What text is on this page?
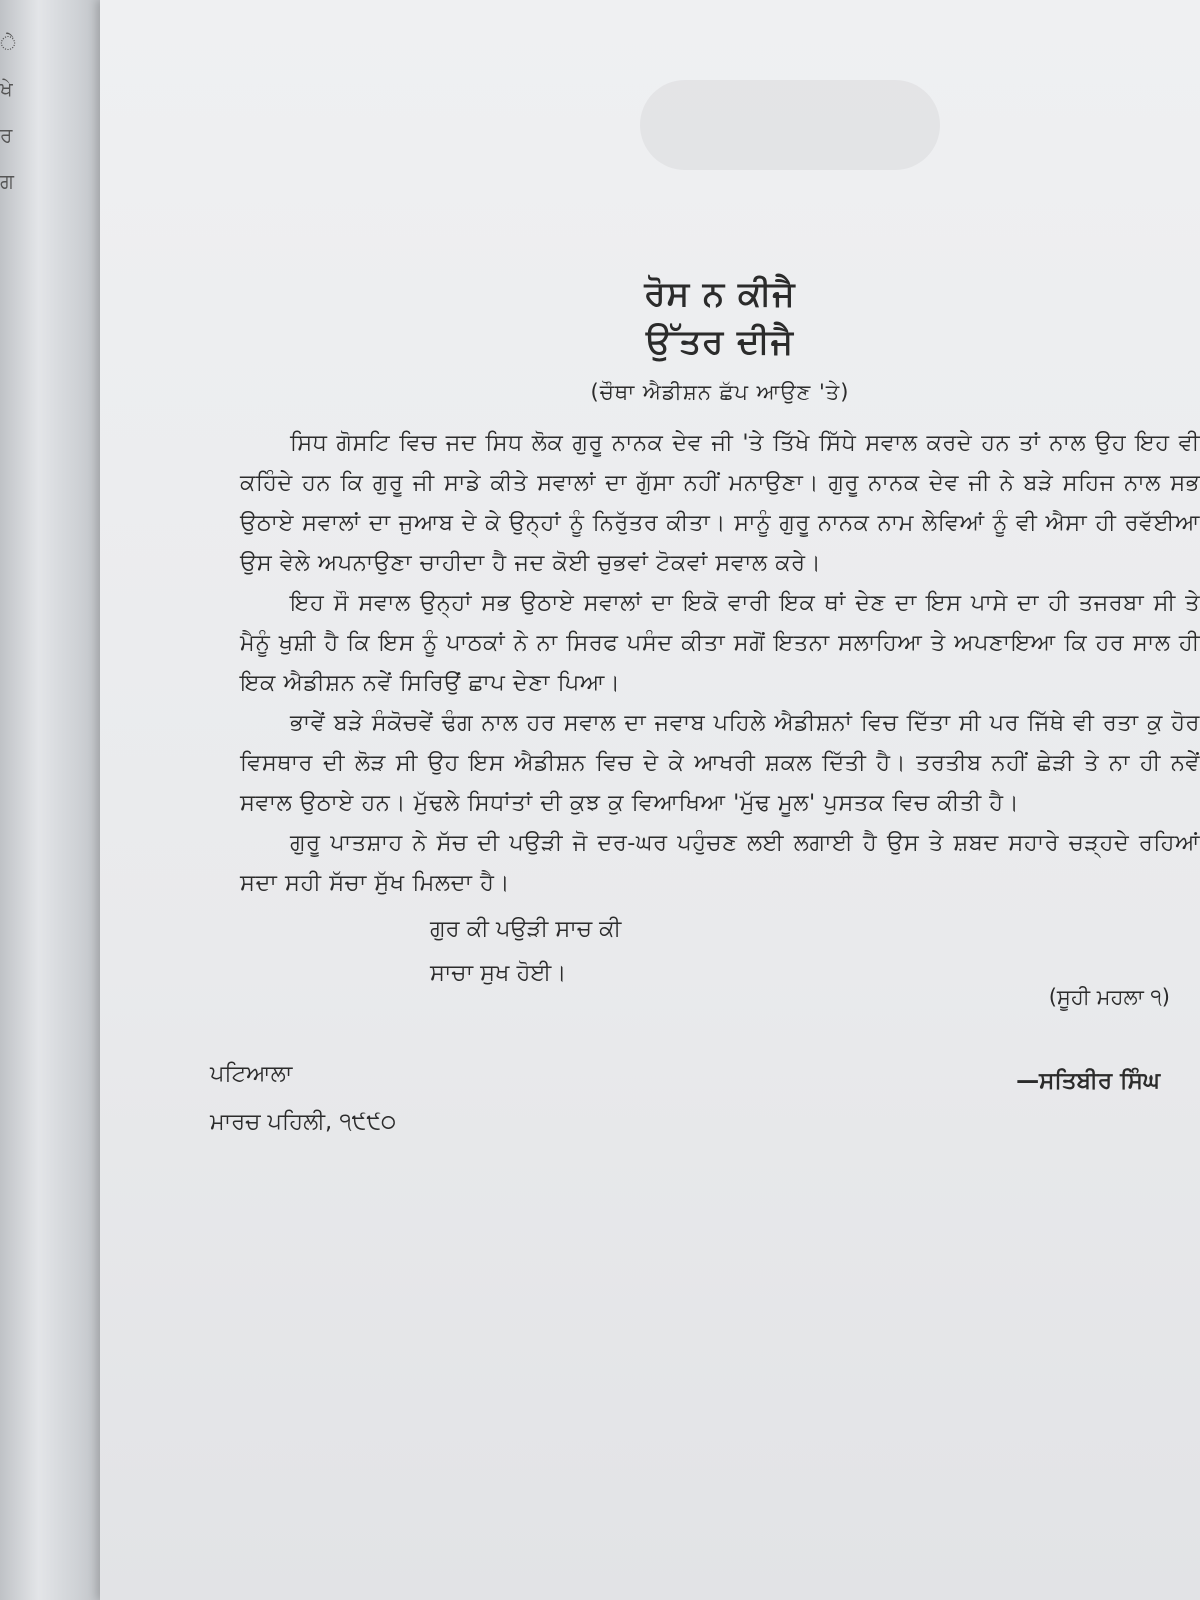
ੇ
ਖੇ
ਰ
ਗ
ਰੋਸ ਨ ਕੀਜੈ
ਉੱਤਰ ਦੀਜੈ
(ਚੌਥਾ ਐਡੀਸ਼ਨ ਛੱਪ ਆਉਣ 'ਤੇ)

ਸਿਧ ਗੋਸਟਿ ਵਿਚ ਜਦ ਸਿਧ ਲੋਕ ਗੁਰੂ ਨਾਨਕ ਦੇਵ ਜੀ 'ਤੇ ਤਿੱਖੇ ਸਿੱਧੇ ਸਵਾਲ ਕਰਦੇ ਹਨ ਤਾਂ ਨਾਲ ਉਹ ਇਹ ਵੀ ਕਹਿੰਦੇ ਹਨ ਕਿ ਗੁਰੂ ਜੀ ਸਾਡੇ ਕੀਤੇ ਸਵਾਲਾਂ ਦਾ ਗੁੱਸਾ ਨਹੀਂ ਮਨਾਉਣਾ। ਗੁਰੂ ਨਾਨਕ ਦੇਵ ਜੀ ਨੇ ਬੜੇ ਸਹਿਜ ਨਾਲ ਸਭ ਉਠਾਏ ਸਵਾਲਾਂ ਦਾ ਜੁਆਬ ਦੇ ਕੇ ਉਨ੍ਹਾਂ ਨੂੰ ਨਿਰੁੱਤਰ ਕੀਤਾ। ਸਾਨੂੰ ਗੁਰੂ ਨਾਨਕ ਨਾਮ ਲੇਵਿਆਂ ਨੂੰ ਵੀ ਐਸਾ ਹੀ ਰਵੱਈਆ ਉਸ ਵੇਲੇ ਅਪਨਾਉਣਾ ਚਾਹੀਦਾ ਹੈ ਜਦ ਕੋਈ ਚੁਭਵਾਂ ਟੋਕਵਾਂ ਸਵਾਲ ਕਰੇ।

ਇਹ ਸੌ ਸਵਾਲ ਉਨ੍ਹਾਂ ਸਭ ਉਠਾਏ ਸਵਾਲਾਂ ਦਾ ਇਕੋ ਵਾਰੀ ਇਕ ਥਾਂ ਦੇਣ ਦਾ ਇਸ ਪਾਸੇ ਦਾ ਹੀ ਤਜਰਬਾ ਸੀ ਤੇ ਮੈਨੂੰ ਖੁਸ਼ੀ ਹੈ ਕਿ ਇਸ ਨੂੰ ਪਾਠਕਾਂ ਨੇ ਨਾ ਸਿਰਫ ਪਸੰਦ ਕੀਤਾ ਸਗੋਂ ਇਤਨਾ ਸਲਾਹਿਆ ਤੇ ਅਪਣਾਇਆ ਕਿ ਹਰ ਸਾਲ ਹੀ ਇਕ ਐਡੀਸ਼ਨ ਨਵੇਂ ਸਿਰਿਉਂ ਛਾਪ ਦੇਣਾ ਪਿਆ।

ਭਾਵੇਂ ਬੜੇ ਸੰਕੋਚਵੇਂ ਢੰਗ ਨਾਲ ਹਰ ਸਵਾਲ ਦਾ ਜਵਾਬ ਪਹਿਲੇ ਐਡੀਸ਼ਨਾਂ ਵਿਚ ਦਿੱਤਾ ਸੀ ਪਰ ਜਿੱਥੇ ਵੀ ਰਤਾ ਕੁ ਹੋਰ ਵਿਸਥਾਰ ਦੀ ਲੋੜ ਸੀ ਉਹ ਇਸ ਐਡੀਸ਼ਨ ਵਿਚ ਦੇ ਕੇ ਆਖਰੀ ਸ਼ਕਲ ਦਿੱਤੀ ਹੈ। ਤਰਤੀਬ ਨਹੀਂ ਛੇੜੀ ਤੇ ਨਾ ਹੀ ਨਵੇਂ ਸਵਾਲ ਉਠਾਏ ਹਨ। ਮੁੱਢਲੇ ਸਿਧਾਂਤਾਂ ਦੀ ਕੁਝ ਕੁ ਵਿਆਖਿਆ 'ਮੁੱਢ ਮੂਲ' ਪੁਸਤਕ ਵਿਚ ਕੀਤੀ ਹੈ।

ਗੁਰੂ ਪਾਤਸ਼ਾਹ ਨੇ ਸੱਚ ਦੀ ਪਉੜੀ ਜੋ ਦਰ-ਘਰ ਪਹੁੰਚਣ ਲਈ ਲਗਾਈ ਹੈ ਉਸ ਤੇ ਸ਼ਬਦ ਸਹਾਰੇ ਚੜ੍ਹਦੇ ਰਹਿਆਂ ਸਦਾ ਸਹੀ ਸੱਚਾ ਸੁੱਖ ਮਿਲਦਾ ਹੈ।

ਗੁਰ ਕੀ ਪਉੜੀ ਸਾਚ ਕੀ
ਸਾਚਾ ਸੁਖ ਹੋਈ।
(ਸੂਹੀ ਮਹਲਾ ੧)
ਪਟਿਆਲਾ
ਮਾਰਚ ਪਹਿਲੀ, ੧੯੯੦
—ਸਤਿਬੀਰ ਸਿੰਘ
